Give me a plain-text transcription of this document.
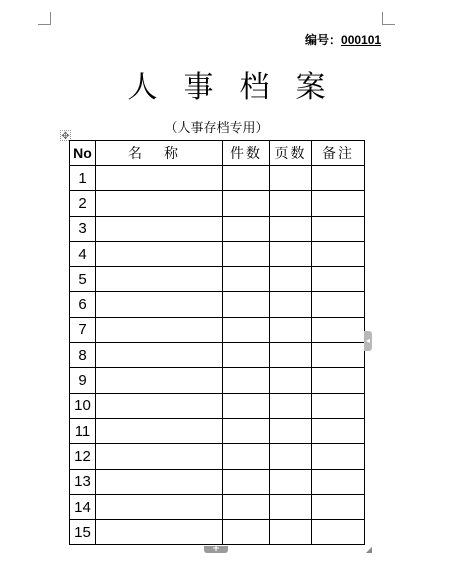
编号：000101
人事档案
（人事存档专用）
✥
No	名称	件数	页数	备注
1				
2				
3				
4				
5				
6				
7				
8				
9				
10				
11				
12				
13				
14				
15				
◂
+	◢
